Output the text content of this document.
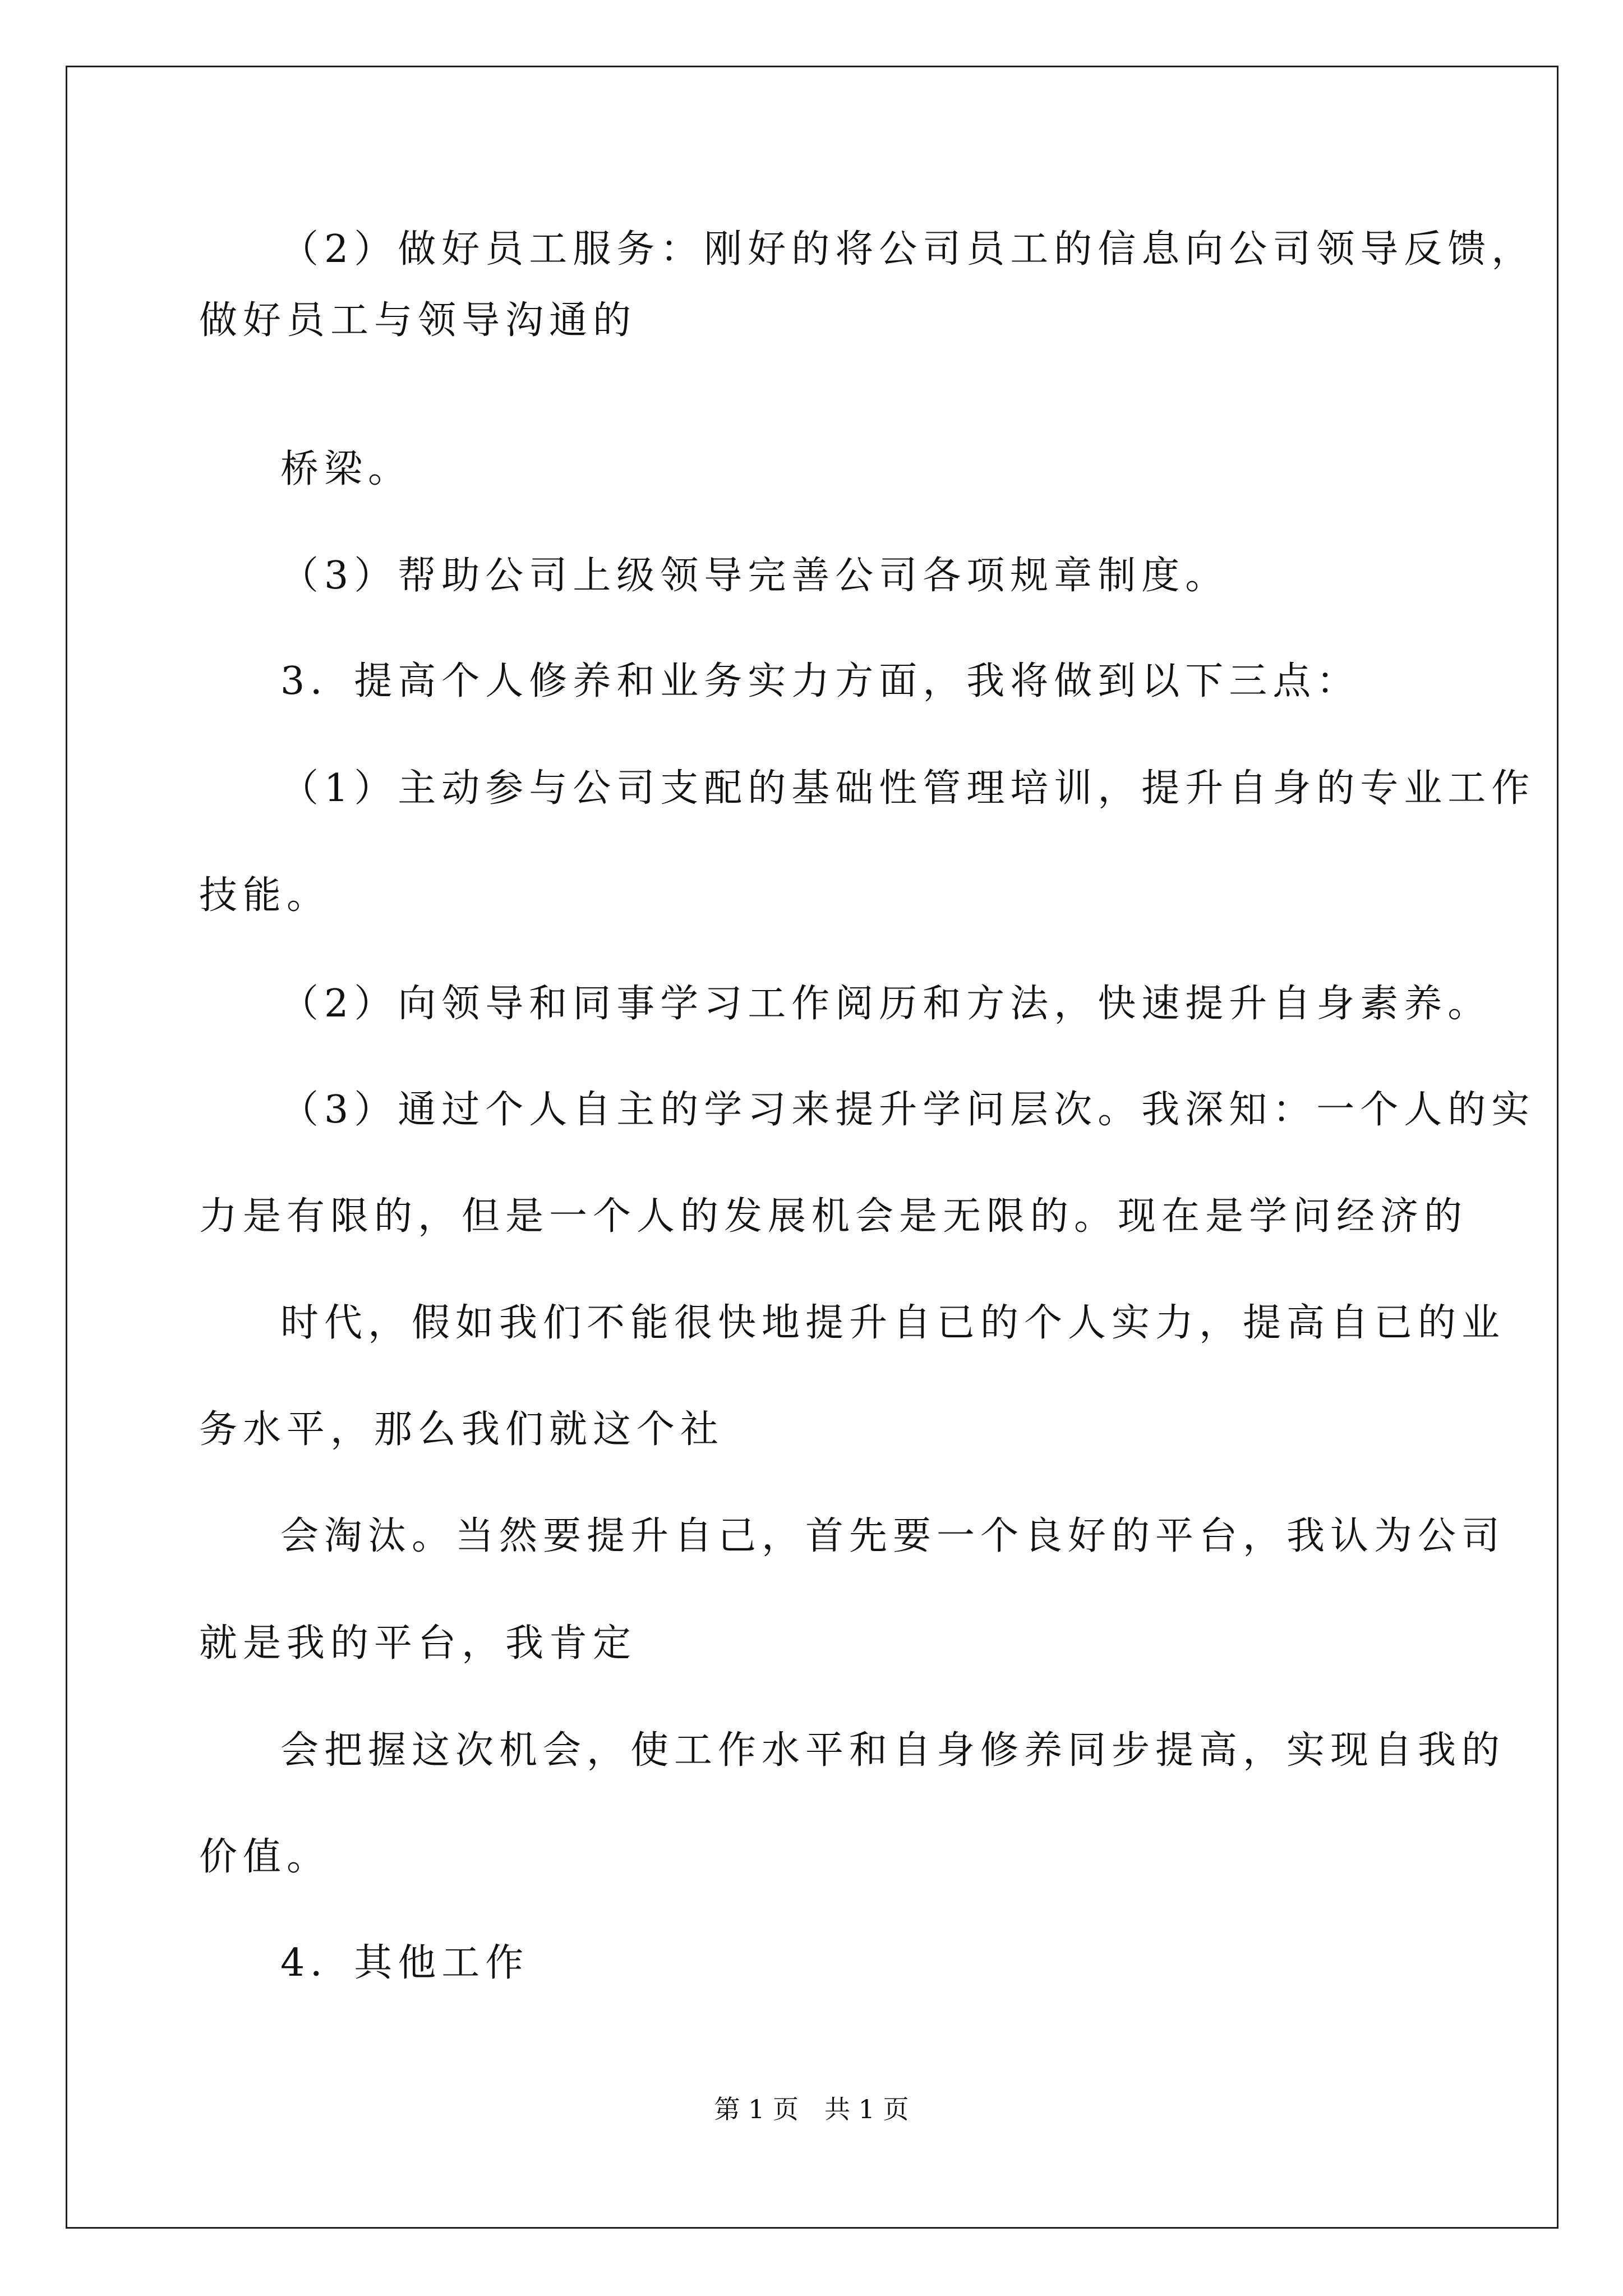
（2）做好员工服务：刚好的将公司员工的信息向公司领导反馈，
做好员工与领导沟通的
桥梁。
（3）帮助公司上级领导完善公司各项规章制度。
3．提高个人修养和业务实力方面，我将做到以下三点：
（1）主动参与公司支配的基础性管理培训，提升自身的专业工作
技能。
（2）向领导和同事学习工作阅历和方法，快速提升自身素养。
（3）通过个人自主的学习来提升学问层次。我深知：一个人的实
力是有限的，但是一个人的发展机会是无限的。现在是学问经济的
时代，假如我们不能很快地提升自已的个人实力，提高自已的业
务水平，那么我们就这个社
会淘汰。当然要提升自己，首先要一个良好的平台，我认为公司
就是我的平台，我肯定
会把握这次机会，使工作水平和自身修养同步提高，实现自我的
价值。
4．其他工作
第 1 页　共 1 页
